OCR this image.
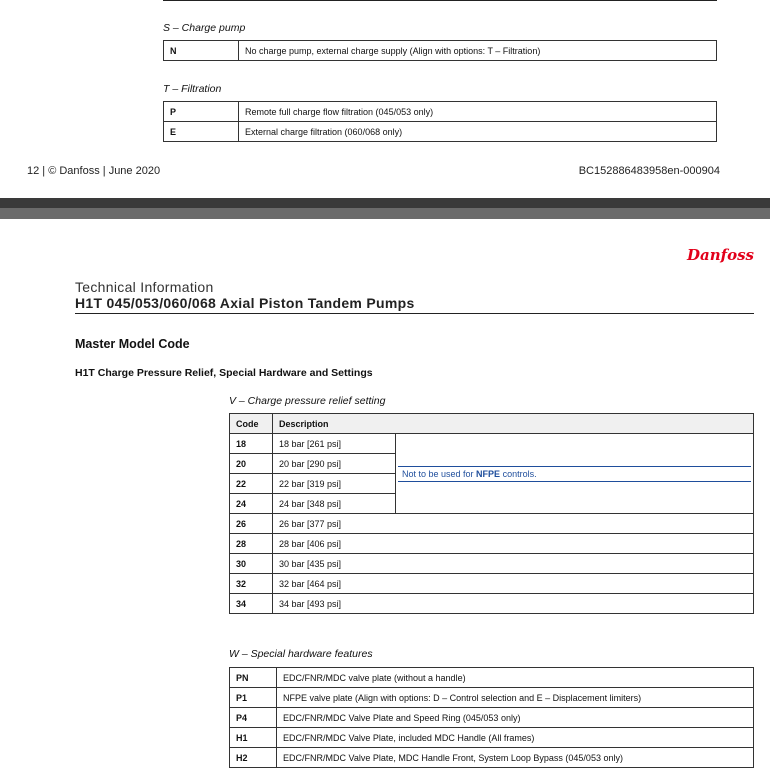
S – Charge pump
N	No charge pump, external charge supply (Align with options: T – Filtration)
T – Filtration
P	Remote full charge flow filtration (045/053 only)
E	External charge filtration (060/068 only)
12 | © Danfoss | June 2020	BC152886483958en-000904
Danfoss
Technical Information
H1T 045/053/060/068 Axial Piston Tandem Pumps
Master Model Code
H1T Charge Pressure Relief, Special Hardware and Settings
V – Charge pressure relief setting
Code	Description	
18	18 bar [261 psi]	Not to be used for NFPE controls.

20	20 bar [290 psi]	
22	22 bar [319 psi]	
24	24 bar [348 psi]	
26	26 bar [377 psi]	
28	28 bar [406 psi]	
30	30 bar [435 psi]	
32	32 bar [464 psi]	
34	34 bar [493 psi]	
W – Special hardware features
PN	EDC/FNR/MDC valve plate (without a handle)
P1	NFPE valve plate (Align with options: D – Control selection and E – Displacement limiters)
P4	EDC/FNR/MDC Valve Plate and Speed Ring (045/053 only)
H1	EDC/FNR/MDC Valve Plate, included MDC Handle (All frames)
H2	EDC/FNR/MDC Valve Plate, MDC Handle Front, System Loop Bypass (045/053 only)
